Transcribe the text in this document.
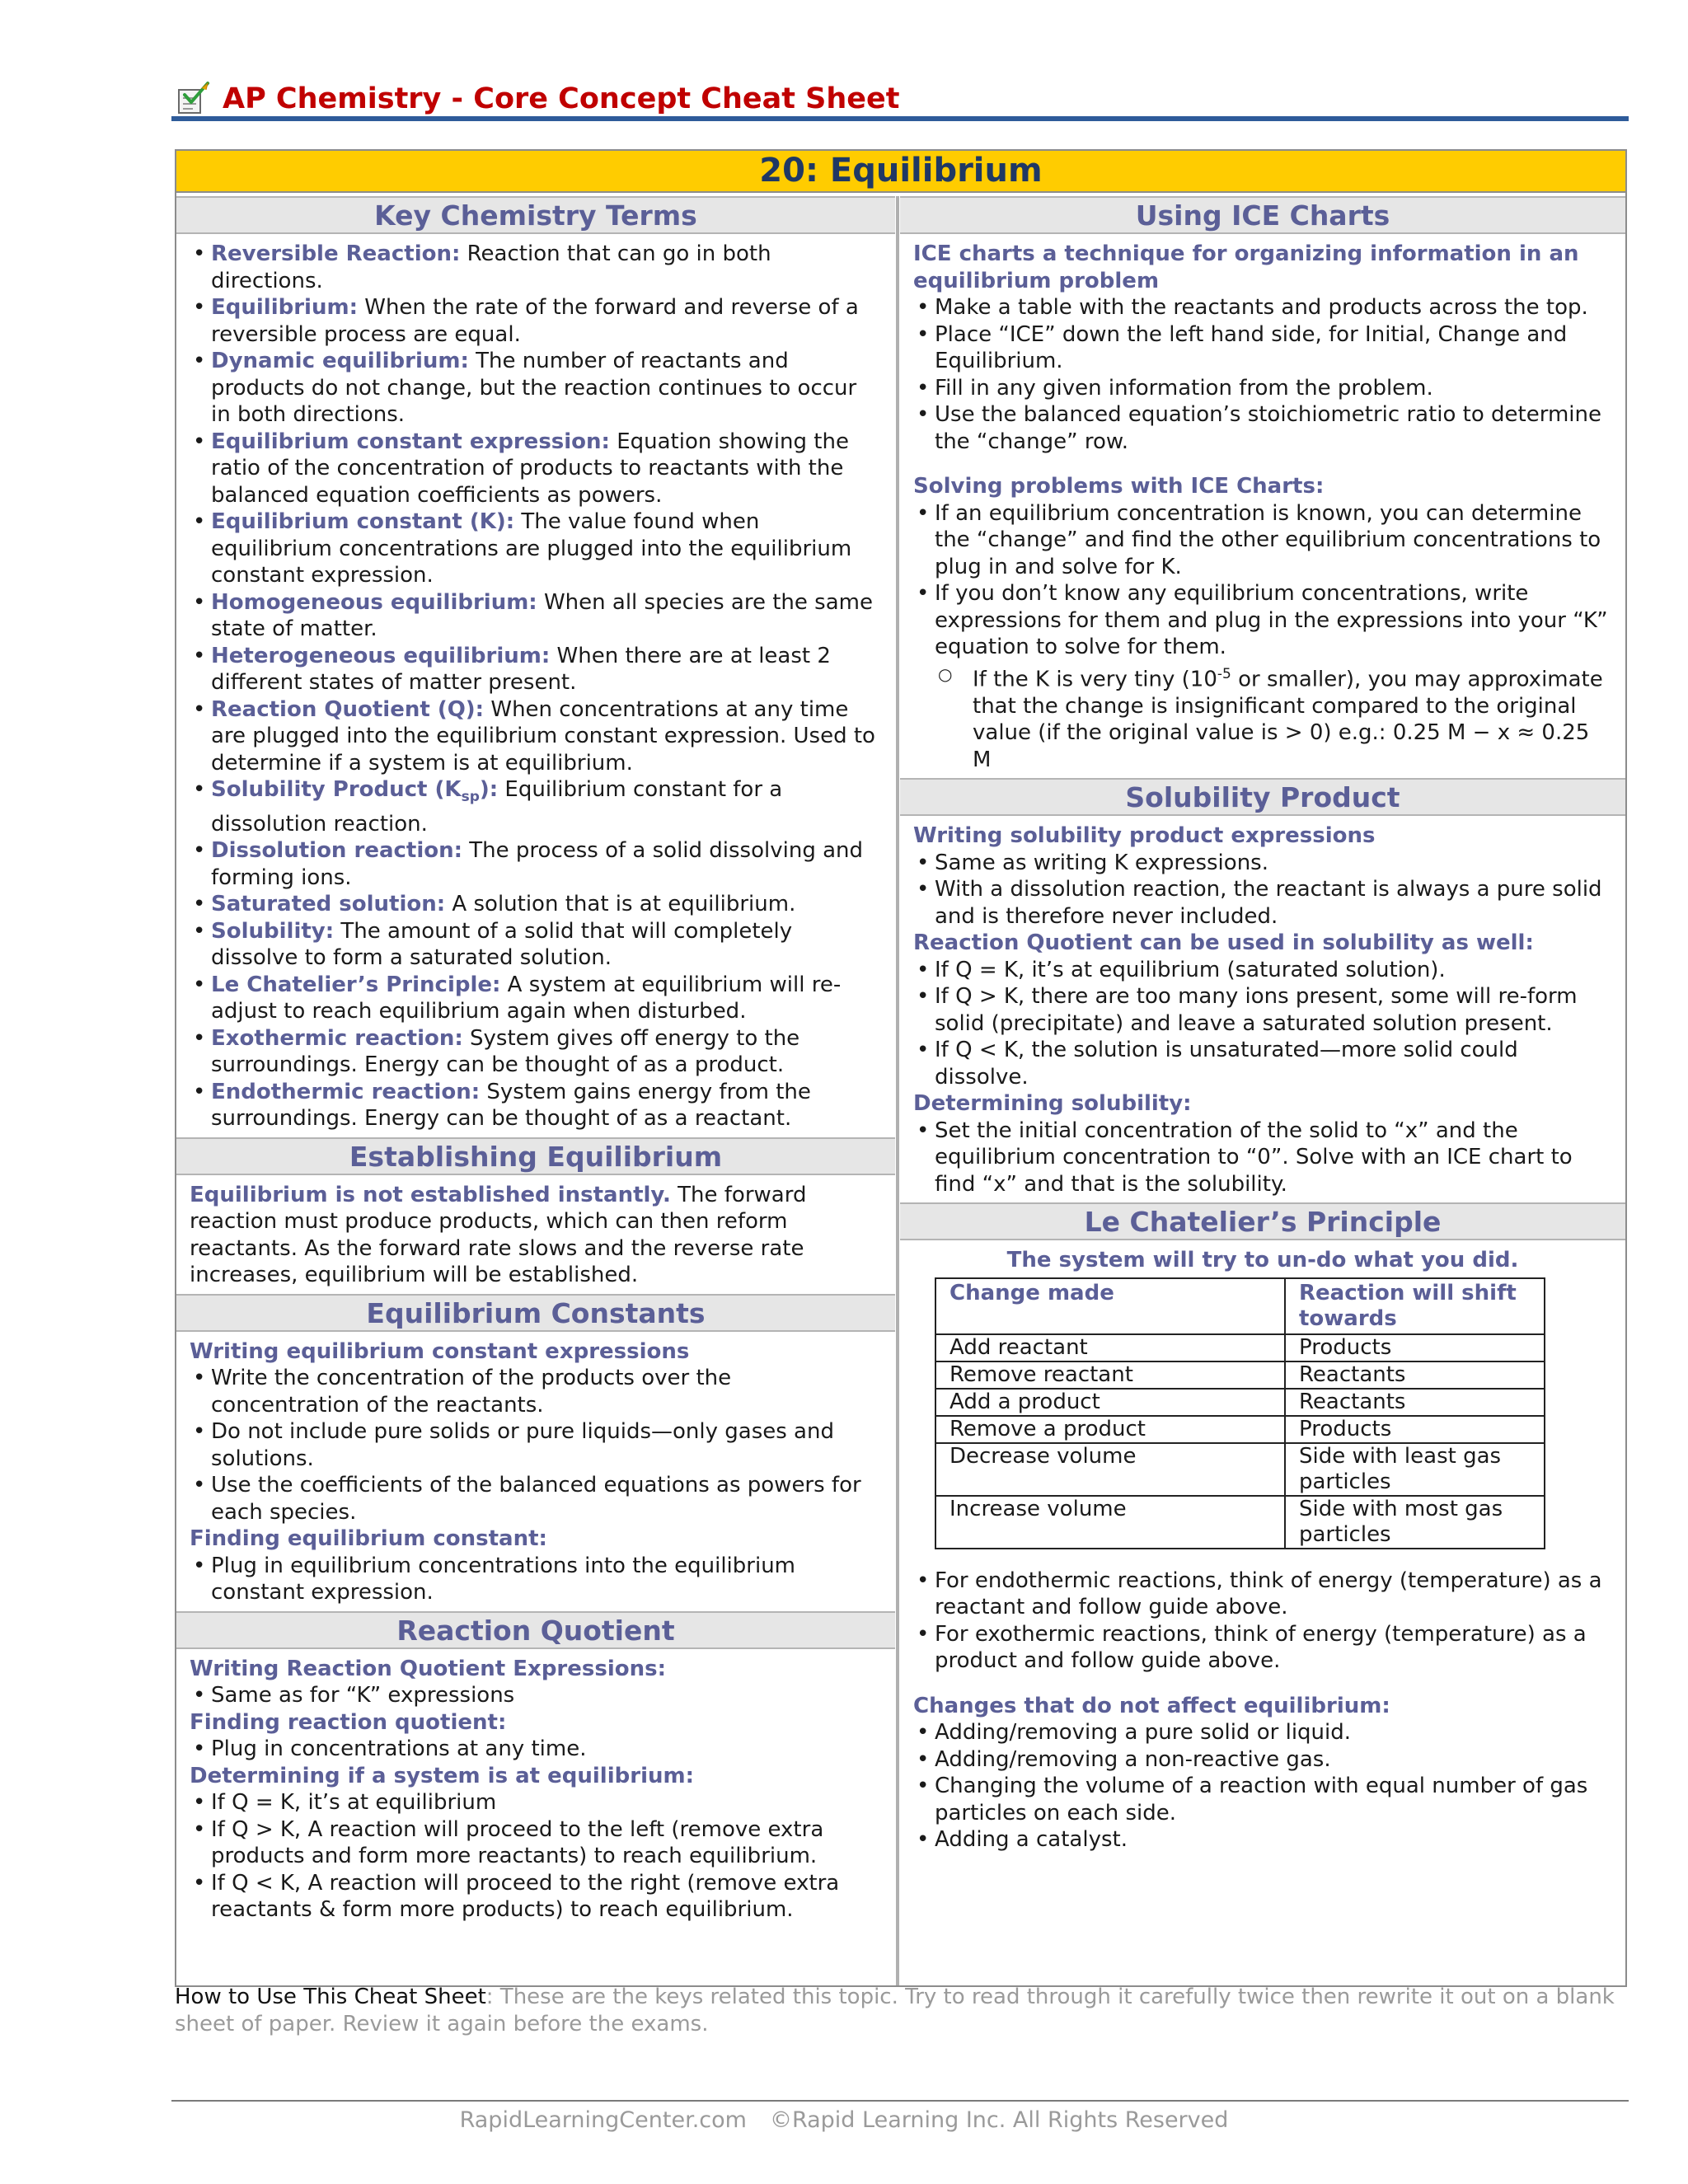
AP Chemistry - Core Concept Cheat Sheet
20: Equilibrium
Key Chemistry Terms
• Reversible Reaction: Reaction that can go in both directions.
• Equilibrium: When the rate of the forward and reverse of a reversible process are equal.
• Dynamic equilibrium: The number of reactants and products do not change, but the reaction continues to occur in both directions.
• Equilibrium constant expression: Equation showing the ratio of the concentration of products to reactants with the balanced equation coefficients as powers.
• Equilibrium constant (K): The value found when equilibrium concentrations are plugged into the equilibrium constant expression.
• Homogeneous equilibrium: When all species are the same state of matter.
• Heterogeneous equilibrium: When there are at least 2 different states of matter present.
• Reaction Quotient (Q): When concentrations at any time are plugged into the equilibrium constant expression. Used to determine if a system is at equilibrium.
• Solubility Product $(K_{sp})$: Equilibrium constant for a dissolution reaction.
• Dissolution reaction: The process of a solid dissolving and forming ions.
• Saturated solution: A solution that is at equilibrium.
• Solubility: The amount of a solid that will completely dissolve to form a saturated solution.
• Le Chatelier’s Principle: A system at equilibrium will re-adjust to reach equilibrium again when disturbed.
• Exothermic reaction: System gives off energy to the surroundings. Energy can be thought of as a product.
• Endothermic reaction: System gains energy from the surroundings. Energy can be thought of as a reactant.
Establishing Equilibrium
Equilibrium is not established instantly. The forward reaction must produce products, which can then reform reactants. As the forward rate slows and the reverse rate increases, equilibrium will be established.
Equilibrium Constants
Writing equilibrium constant expressions
• Write the concentration of the products over the concentration of the reactants.
• Do not include pure solids or pure liquids—only gases and solutions.
• Use the coefficients of the balanced equations as powers for each species.
Finding equilibrium constant:
• Plug in equilibrium concentrations into the equilibrium constant expression.
Reaction Quotient
Writing Reaction Quotient Expressions:
• Same as for “K” expressions
Finding reaction quotient:
• Plug in concentrations at any time.
Determining if a system is at equilibrium:
• If Q = K, it’s at equilibrium
• If Q > K, A reaction will proceed to the left (remove extra products and form more reactants) to reach equilibrium.
• If Q < K, A reaction will proceed to the right (remove extra reactants & form more products) to reach equilibrium.
Using ICE Charts
ICE charts a technique for organizing information in an equilibrium problem
• Make a table with the reactants and products across the top.
• Place “ICE” down the left hand side, for Initial, Change and Equilibrium.
• Fill in any given information from the problem.
• Use the balanced equation’s stoichiometric ratio to determine the “change” row.
Solving problems with ICE Charts:
• If an equilibrium concentration is known, you can determine the “change” and find the other equilibrium concentrations to plug in and solve for K.
• If you don’t know any equilibrium concentrations, write expressions for them and plug in the expressions into your “K” equation to solve for them.
○ If the K is very tiny ($10^{-5}$ or smaller), you may approximate that the change is insignificant compared to the original value (if the original value is > 0) e.g.: 0.25 M − x ≈ 0.25 M
Solubility Product
Writing solubility product expressions
• Same as writing K expressions.
• With a dissolution reaction, the reactant is always a pure solid and is therefore never included.
Reaction Quotient can be used in solubility as well:
• If Q = K, it’s at equilibrium (saturated solution).
• If Q > K, there are too many ions present, some will re-form solid (precipitate) and leave a saturated solution present.
• If Q < K, the solution is unsaturated—more solid could dissolve.
Determining solubility:
• Set the initial concentration of the solid to “x” and the equilibrium concentration to “0”. Solve with an ICE chart to find “x” and that is the solubility.
Le Chatelier’s Principle
The system will try to un-do what you did.
Change made	Reaction will shift towards
Add reactant	Products
Remove reactant	Reactants
Add a product	Reactants
Remove a product	Products
Decrease volume	Side with least gas particles
Increase volume	Side with most gas particles
• For endothermic reactions, think of energy (temperature) as a reactant and follow guide above.
• For exothermic reactions, think of energy (temperature) as a product and follow guide above.
Changes that do not affect equilibrium:
• Adding/removing a pure solid or liquid.
• Adding/removing a non-reactive gas.
• Changing the volume of a reaction with equal number of gas particles on each side.
• Adding a catalyst.
How to Use This Cheat Sheet: These are the keys related this topic. Try to read through it carefully twice then rewrite it out on a blank sheet of paper. Review it again before the exams.
RapidLearningCenter.com ©Rapid Learning Inc. All Rights Reserved
